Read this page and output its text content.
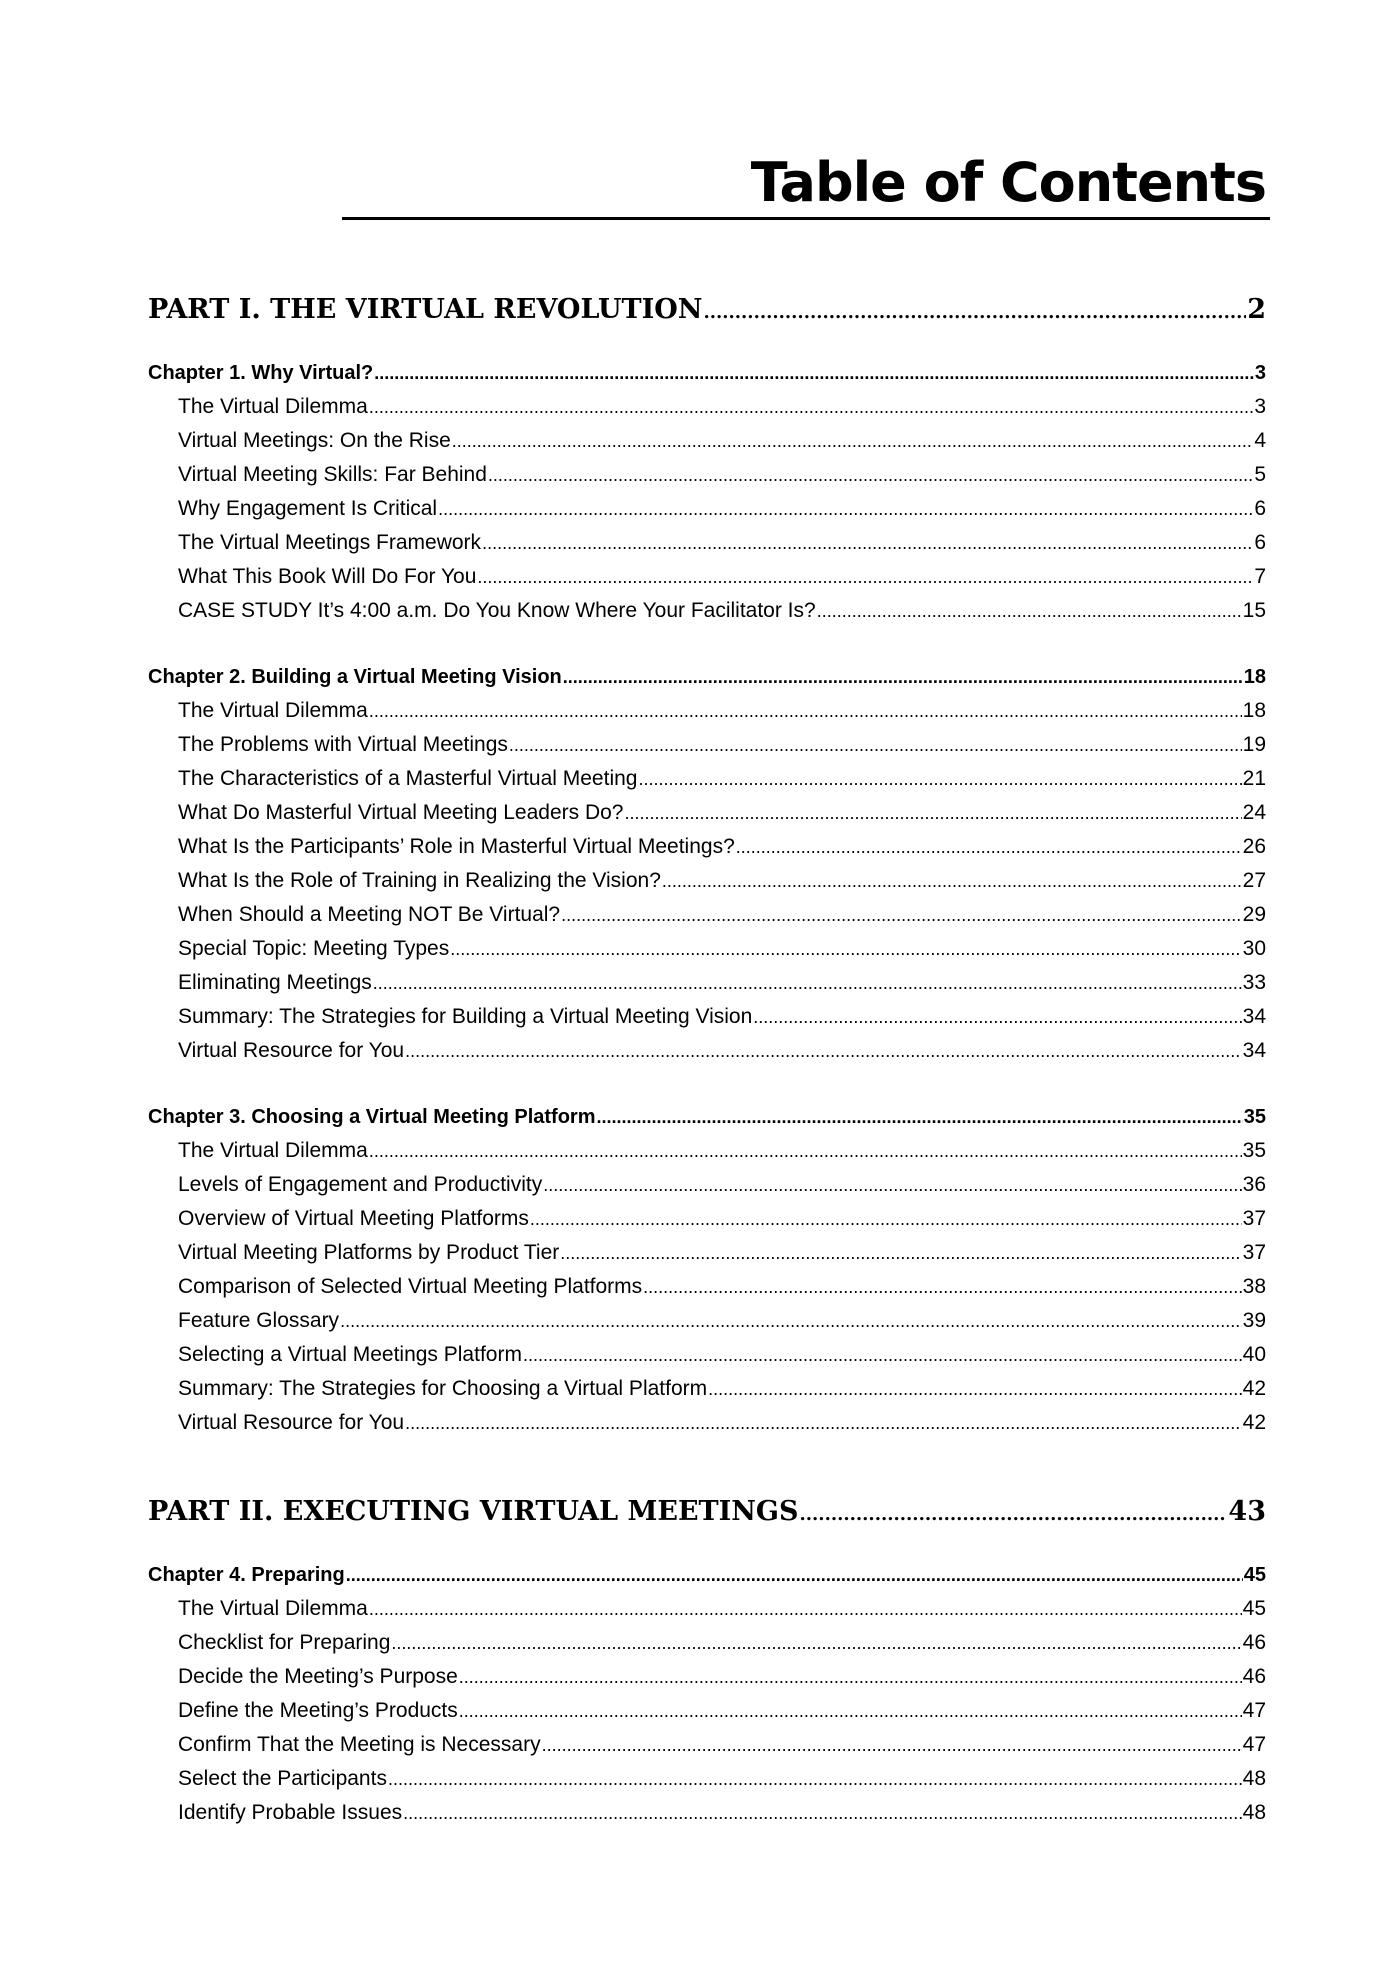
Table of Contents
PART I. THE VIRTUAL REVOLUTION .....	2
Chapter 1. Why Virtual? .....	3
The Virtual Dilemma .....	3
Virtual Meetings: On the Rise .....	4
Virtual Meeting Skills: Far Behind .....	5
Why Engagement Is Critical .....	6
The Virtual Meetings Framework .....	6
What This Book Will Do For You .....	7
CASE STUDY It’s 4:00 a.m. Do You Know Where Your Facilitator Is? .....	15
Chapter 2. Building a Virtual Meeting Vision .....	18
The Virtual Dilemma .....	18
The Problems with Virtual Meetings .....	19
The Characteristics of a Masterful Virtual Meeting .....	21
What Do Masterful Virtual Meeting Leaders Do? .....	24
What Is the Participants’ Role in Masterful Virtual Meetings? .....	26
What Is the Role of Training in Realizing the Vision? .....	27
When Should a Meeting NOT Be Virtual? .....	29
Special Topic: Meeting Types .....	30
Eliminating Meetings .....	33
Summary: The Strategies for Building a Virtual Meeting Vision .....	34
Virtual Resource for You .....	34
Chapter 3. Choosing a Virtual Meeting Platform .....	35
The Virtual Dilemma .....	35
Levels of Engagement and Productivity .....	36
Overview of Virtual Meeting Platforms .....	37
Virtual Meeting Platforms by Product Tier .....	37
Comparison of Selected Virtual Meeting Platforms .....	38
Feature Glossary .....	39
Selecting a Virtual Meetings Platform .....	40
Summary: The Strategies for Choosing a Virtual Platform .....	42
Virtual Resource for You .....	42
PART II. EXECUTING VIRTUAL MEETINGS .....	43
Chapter 4. Preparing .....	45
The Virtual Dilemma .....	45
Checklist for Preparing .....	46
Decide the Meeting’s Purpose .....	46
Define the Meeting’s Products .....	47
Confirm That the Meeting is Necessary .....	47
Select the Participants .....	48
Identify Probable Issues .....	48
